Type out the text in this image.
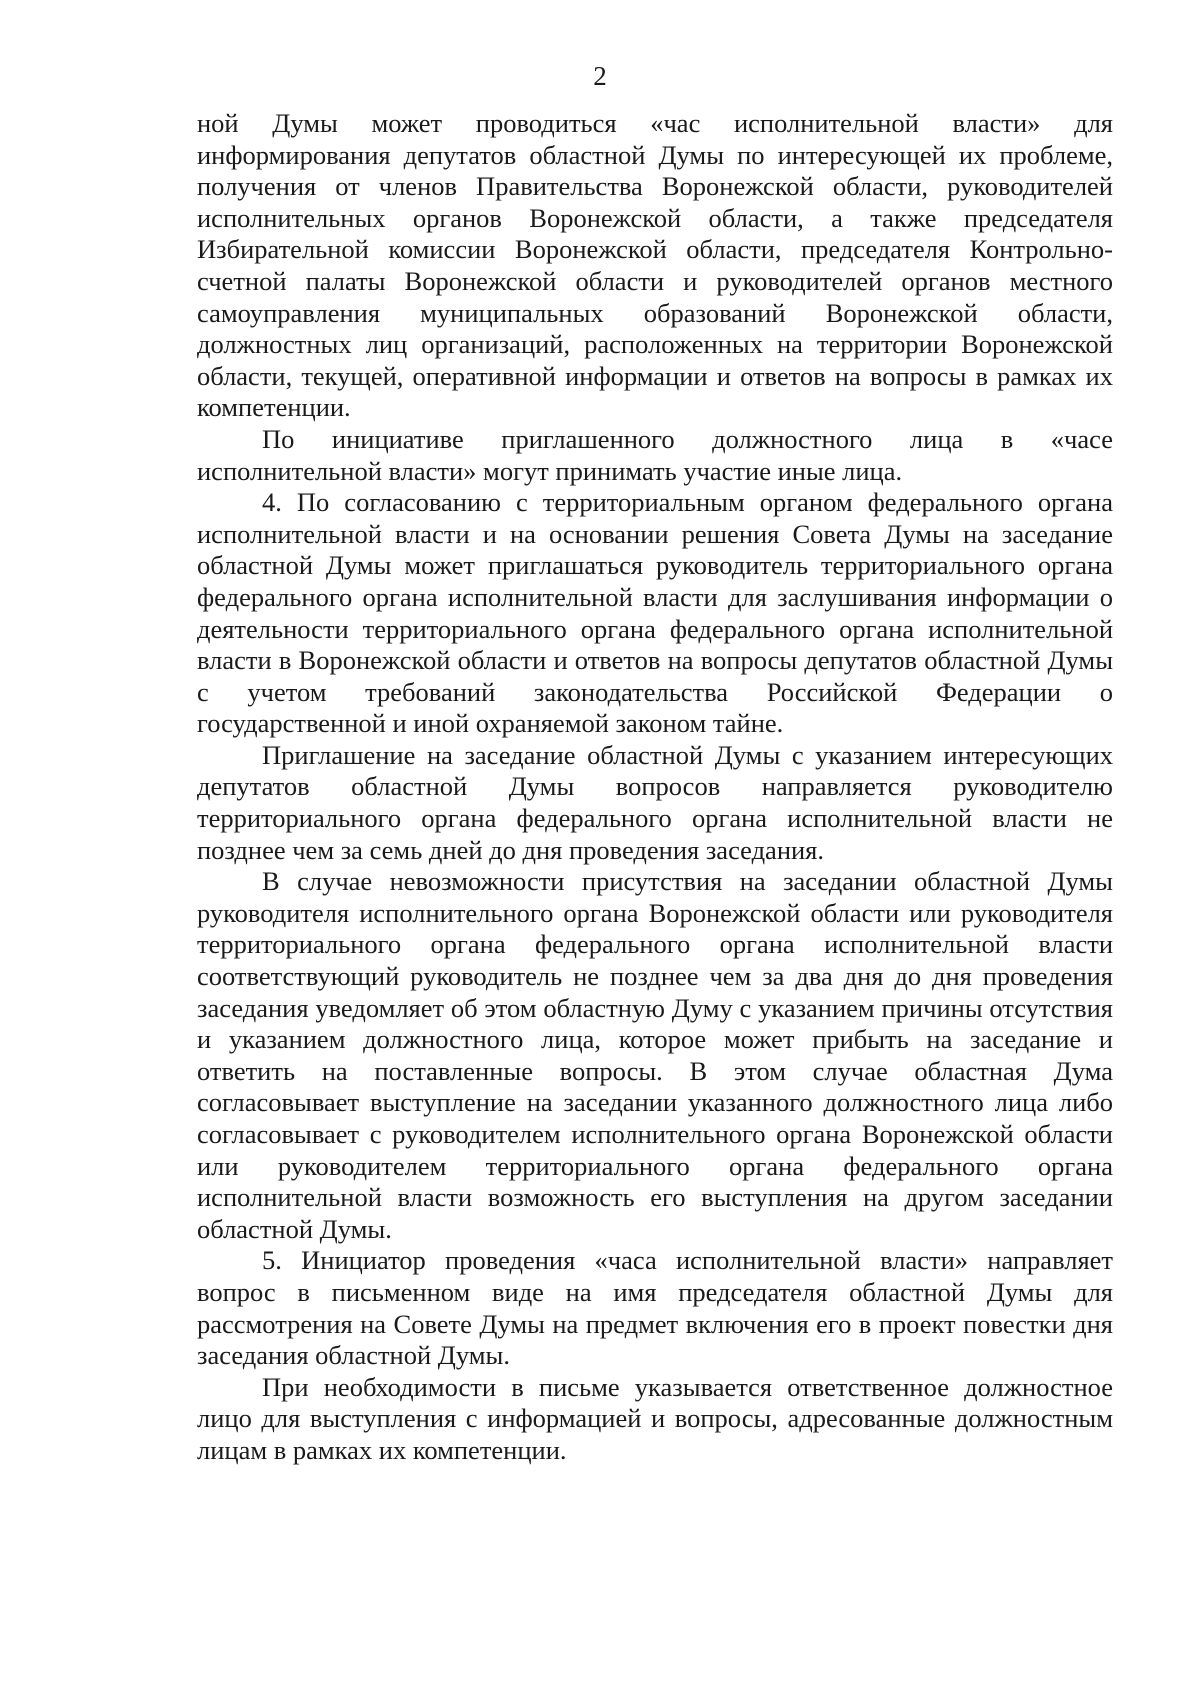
2

ной Думы может проводиться «час исполнительной власти» для информирования депутатов областной Думы по интересующей их проблеме, получения от членов Правительства Воронежской области, руководителей исполнительных органов Воронежской области, а также председателя Избирательной комиссии Воронежской области, председателя Контрольно-счетной палаты Воронежской области и руководителей органов местного самоуправления муниципальных образований Воронежской области, должностных лиц организаций, расположенных на территории Воронежской области, текущей, оперативной информации и ответов на вопросы в рамках их компетенции.

По инициативе приглашенного должностного лица в «часе исполнительной власти» могут принимать участие иные лица.

4. По согласованию с территориальным органом федерального органа исполнительной власти и на основании решения Совета Думы на заседание областной Думы может приглашаться руководитель территориального органа федерального органа исполнительной власти для заслушивания информации о деятельности территориального органа федерального органа исполнительной власти в Воронежской области и ответов на вопросы депутатов областной Думы с учетом требований законодательства Российской Федерации о государственной и иной охраняемой законом тайне.

Приглашение на заседание областной Думы с указанием интересующих депутатов областной Думы вопросов направляется руководителю территориального органа федерального органа исполнительной власти не позднее чем за семь дней до дня проведения заседания.

В случае невозможности присутствия на заседании областной Думы руководителя исполнительного органа Воронежской области или руководителя территориального органа федерального органа исполнительной власти соответствующий руководитель не позднее чем за два дня до дня проведения заседания уведомляет об этом областную Думу с указанием причины отсутствия и указанием должностного лица, которое может прибыть на заседание и ответить на поставленные вопросы. В этом случае областная Дума согласовывает выступление на заседании указанного должностного лица либо согласовывает с руководителем исполнительного органа Воронежской области или руководителем территориального органа федерального органа исполнительной власти возможность его выступления на другом заседании областной Думы.

5. Инициатор проведения «часа исполнительной власти» направляет вопрос в письменном виде на имя председателя областной Думы для рассмотрения на Совете Думы на предмет включения его в проект повестки дня заседания областной Думы.

При необходимости в письме указывается ответственное должностное лицо для выступления с информацией и вопросы, адресованные должностным лицам в рамках их компетенции.
